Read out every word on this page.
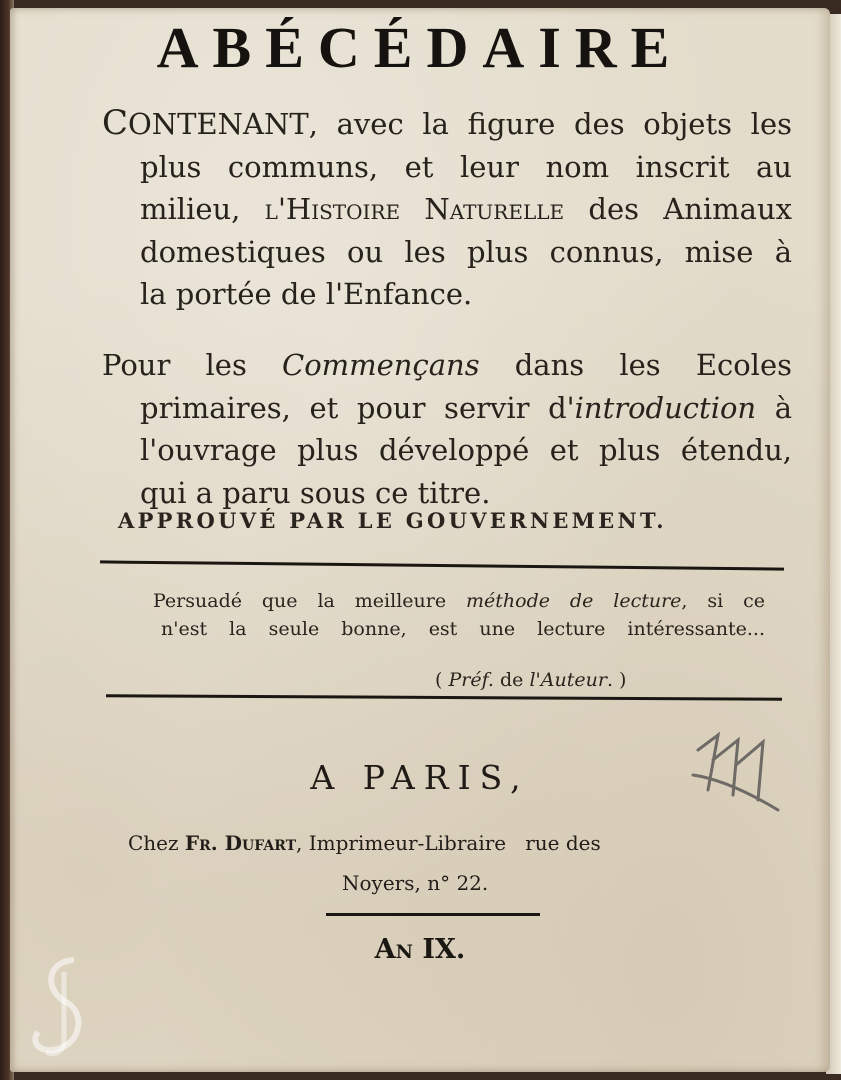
ABÉCÉDAIRE
CONTENANT, avec la figure des objets les
plus communs, et leur nom inscrit au
milieu, l'Histoire Naturelle des Animaux
domestiques ou les plus connus, mise à
la portée de l'Enfance.
Pour les Commençans dans les Ecoles
primaires, et pour servir d'introduction à
l'ouvrage plus développé et plus étendu,
qui a paru sous ce titre.

APPROUVÉ PAR LE GOUVERNEMENT.

Persuadé que la meilleure méthode de lecture, si ce
n'est la seule bonne, est une lecture intéressante...

( Préf. de l'Auteur. )

A PARIS,

Chez Fr. Dufart, Imprimeur-Libraire   rue des

Noyers, n° 22.

An IX.
